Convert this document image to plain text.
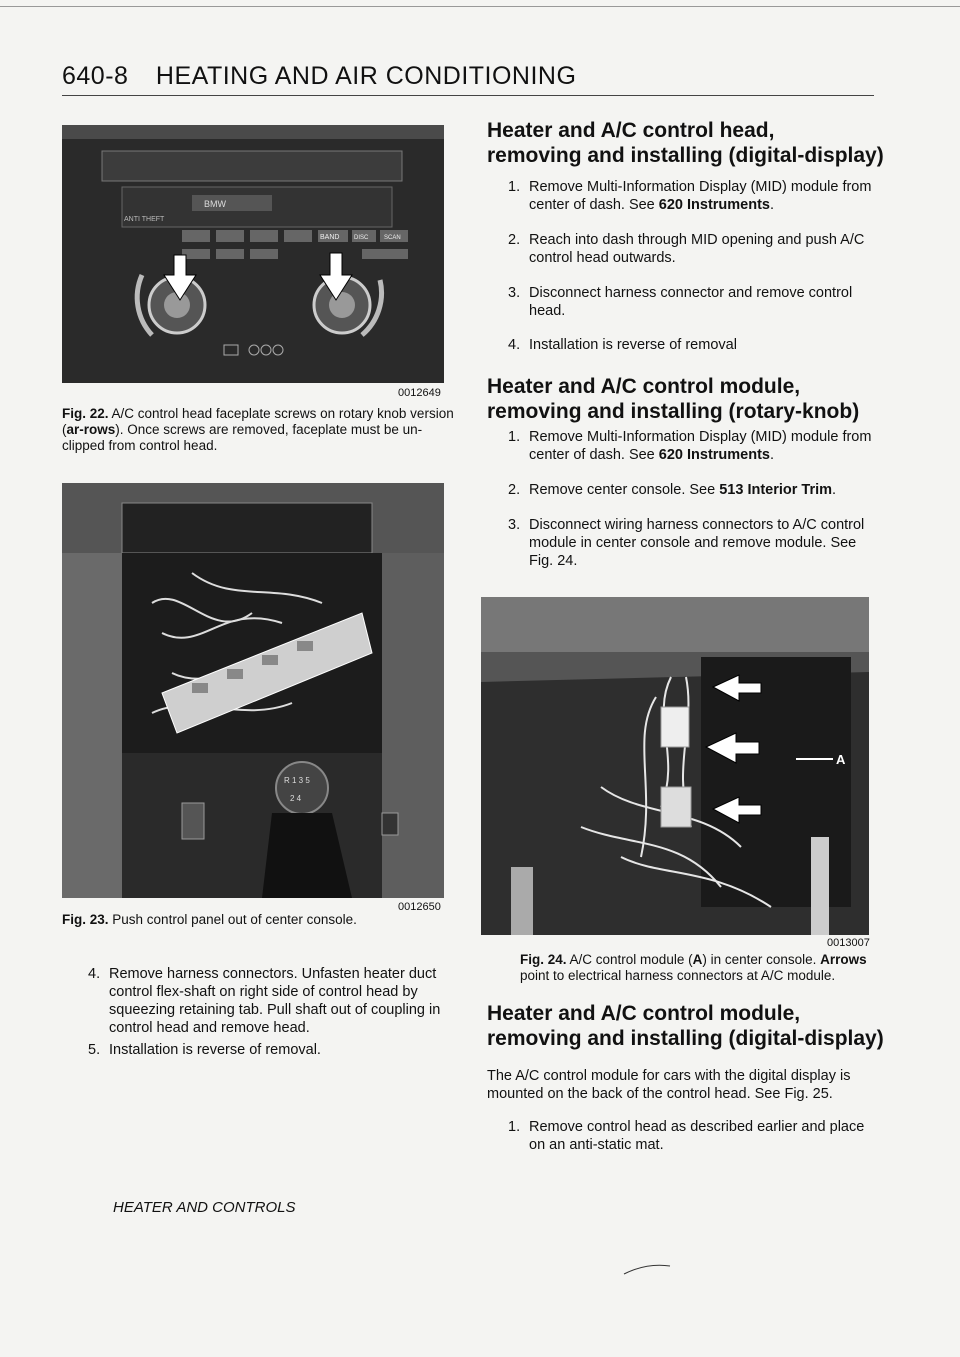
640-8 HEATING AND AIR CONDITIONING
BMW
ANTI THEFT
BAND DISC	SCAN
0012649
Fig. 22. A/C control head faceplate screws on rotary knob version (ar-rows). Once screws are removed, faceplate must be un-clipped from control head.
R 1 3 5
2 4
0012650
Fig. 23. Push control panel out of center console.
4. Remove harness connectors. Unfasten heater duct control flex-shaft on right side of control head by squeezing retaining tab. Pull shaft out of coupling in control head and remove head.
5. Installation is reverse of removal.
Heater and A/C control head,
removing and installing (digital-display)
1. Remove Multi-Information Display (MID) module from center of dash. See 620 Instruments.
2. Reach into dash through MID opening and push A/C control head outwards.
3. Disconnect harness connector and remove control head.
4. Installation is reverse of removal
Heater and A/C control module,
removing and installing (rotary-knob)
1. Remove Multi-Information Display (MID) module from center of dash. See 620 Instruments.
2. Remove center console. See 513 Interior Trim.
3. Disconnect wiring harness connectors to A/C control module in center console and remove module. See Fig. 24.
A
0013007
Fig. 24. A/C control module (A) in center console. Arrows point to electrical harness connectors at A/C module.
Heater and A/C control module,
removing and installing (digital-display)
The A/C control module for cars with the digital display is mounted on the back of the control head. See Fig. 25.
1. Remove control head as described earlier and place on an anti-static mat.
HEATER AND CONTROLS
